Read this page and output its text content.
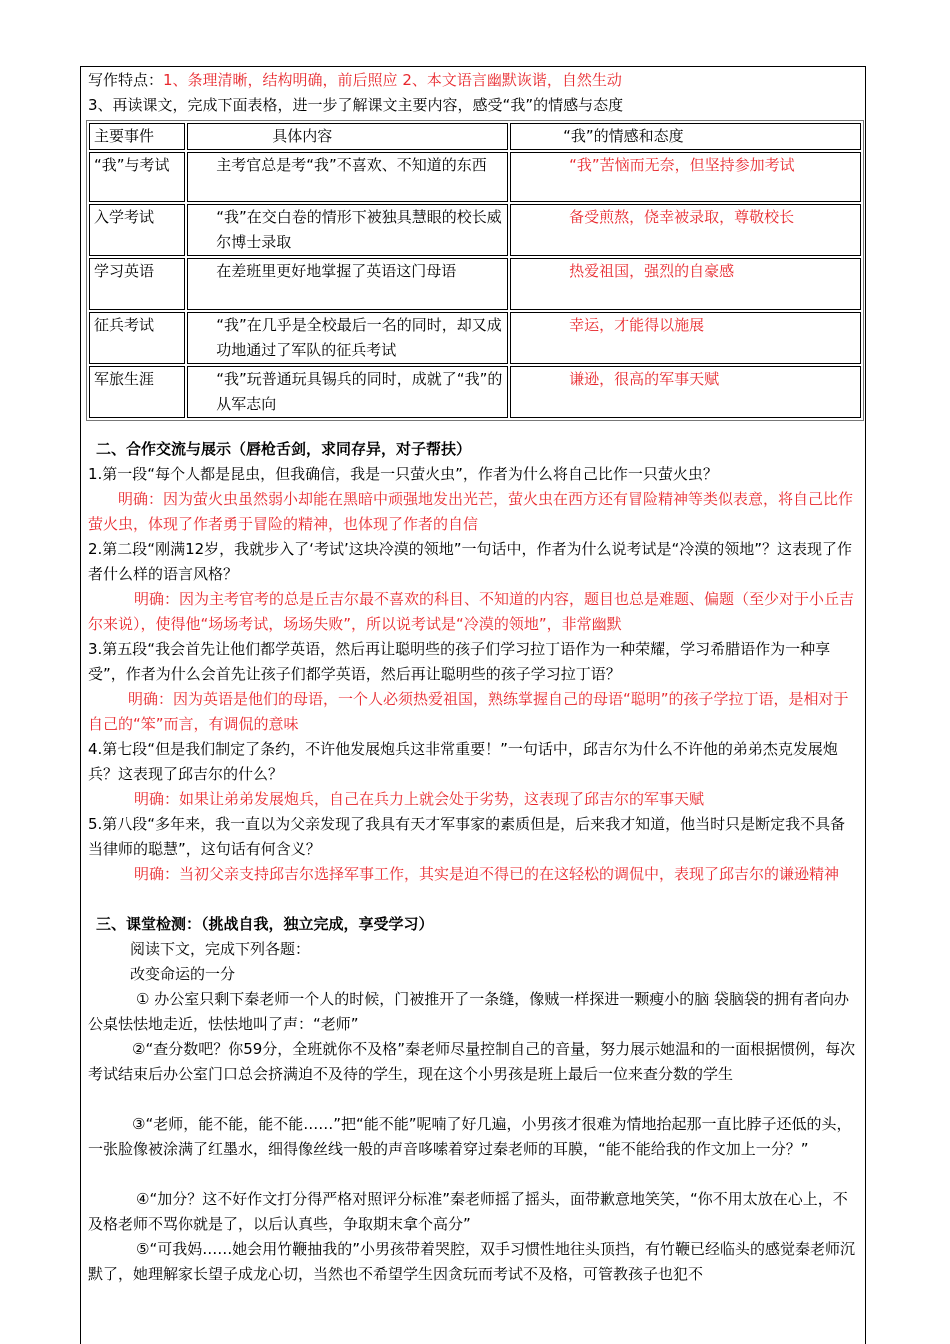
写作特点：1、条理清晰，结构明确，前后照应 2、本文语言幽默诙谐，自然生动
3、再读课文，完成下面表格，进一步了解课文主要内容，感受“我”的情感与态度
主要事件	具体内容	“我”的情感和态度
“我”与考试	主考官总是考“我”不喜欢、不知道的东西	“我”苦恼而无奈，但坚持参加考试

入学考试	“我”在交白卷的情形下被独具慧眼的校长威尔博士录取	备受煎熬，侥幸被录取，尊敬校长

学习英语	在差班里更好地掌握了英语这门母语	热爱祖国，强烈的自豪感

征兵考试	“我”在几乎是全校最后一名的同时，却又成功地通过了军队的征兵考试	幸运，才能得以施展

军旅生涯	“我”玩普通玩具锡兵的同时，成就了“我”的从军志向	谦逊，很高的军事天赋
二、合作交流与展示（唇枪舌剑，求同存异，对子帮扶）
1.第一段“每个人都是昆虫，但我确信，我是一只萤火虫”，作者为什么将自己比作一只萤火虫？
明确：因为萤火虫虽然弱小却能在黑暗中顽强地发出光芒，萤火虫在西方还有冒险精神等类似表意，将自己比作萤火虫，体现了作者勇于冒险的精神，也体现了作者的自信
2.第二段“刚满12岁，我就步入了‘考试’这块冷漠的领地”一句话中，作者为什么说考试是“冷漠的领地”？这表现了作者什么样的语言风格？
明确：因为主考官考的总是丘吉尔最不喜欢的科目、不知道的内容，题目也总是难题、偏题（至少对于小丘吉尔来说），使得他“场场考试，场场失败”，所以说考试是“冷漠的领地”，非常幽默
3.第五段“我会首先让他们都学英语，然后再让聪明些的孩子们学习拉丁语作为一种荣耀，学习希腊语作为一种享受”，作者为什么会首先让孩子们都学英语，然后再让聪明些的孩子学习拉丁语？
明确：因为英语是他们的母语，一个人必须热爱祖国，熟练掌握自己的母语“聪明”的孩子学拉丁语，是相对于自己的“笨”而言，有调侃的意味
4.第七段“但是我们制定了条约，不许他发展炮兵这非常重要！”一句话中，邱吉尔为什么不许他的弟弟杰克发展炮兵？这表现了邱吉尔的什么？
明确：如果让弟弟发展炮兵，自己在兵力上就会处于劣势，这表现了邱吉尔的军事天赋
5.第八段“多年来，我一直以为父亲发现了我具有天才军事家的素质但是，后来我才知道，他当时只是断定我不具备当律师的聪慧”，这句话有何含义？
明确：当初父亲支持邱吉尔选择军事工作，其实是迫不得已的在这轻松的调侃中，表现了邱吉尔的谦逊精神
三、课堂检测：（挑战自我，独立完成，享受学习）
阅读下文，完成下列各题：
改变命运的一分
① 办公室只剩下秦老师一个人的时候，门被推开了一条缝，像贼一样探进一颗瘦小的脑 袋脑袋的拥有者向办公桌怯怯地走近，怯怯地叫了声：“老师”
②“查分数吧？你59分，全班就你不及格”秦老师尽量控制自己的音量，努力展示她温和的一面根据惯例，每次考试结束后办公室门口总会挤满迫不及待的学生，现在这个小男孩是班上最后一位来查分数的学生
③“老师，能不能，能不能……”把“能不能”呢喃了好几遍，小男孩才很难为情地抬起那一直比脖子还低的头，一张脸像被涂满了红墨水，细得像丝线一般的声音哆嗦着穿过秦老师的耳膜，“能不能给我的作文加上一分？”
④“加分？这不好作文打分得严格对照评分标准”秦老师摇了摇头，面带歉意地笑笑，“你不用太放在心上，不及格老师不骂你就是了，以后认真些，争取期末拿个高分”
⑤“可我妈……她会用竹鞭抽我的”小男孩带着哭腔，双手习惯性地往头顶挡，有竹鞭已经临头的感觉秦老师沉默了，她理解家长望子成龙心切，当然也不希望学生因贪玩而考试不及格，可管教孩子也犯不
